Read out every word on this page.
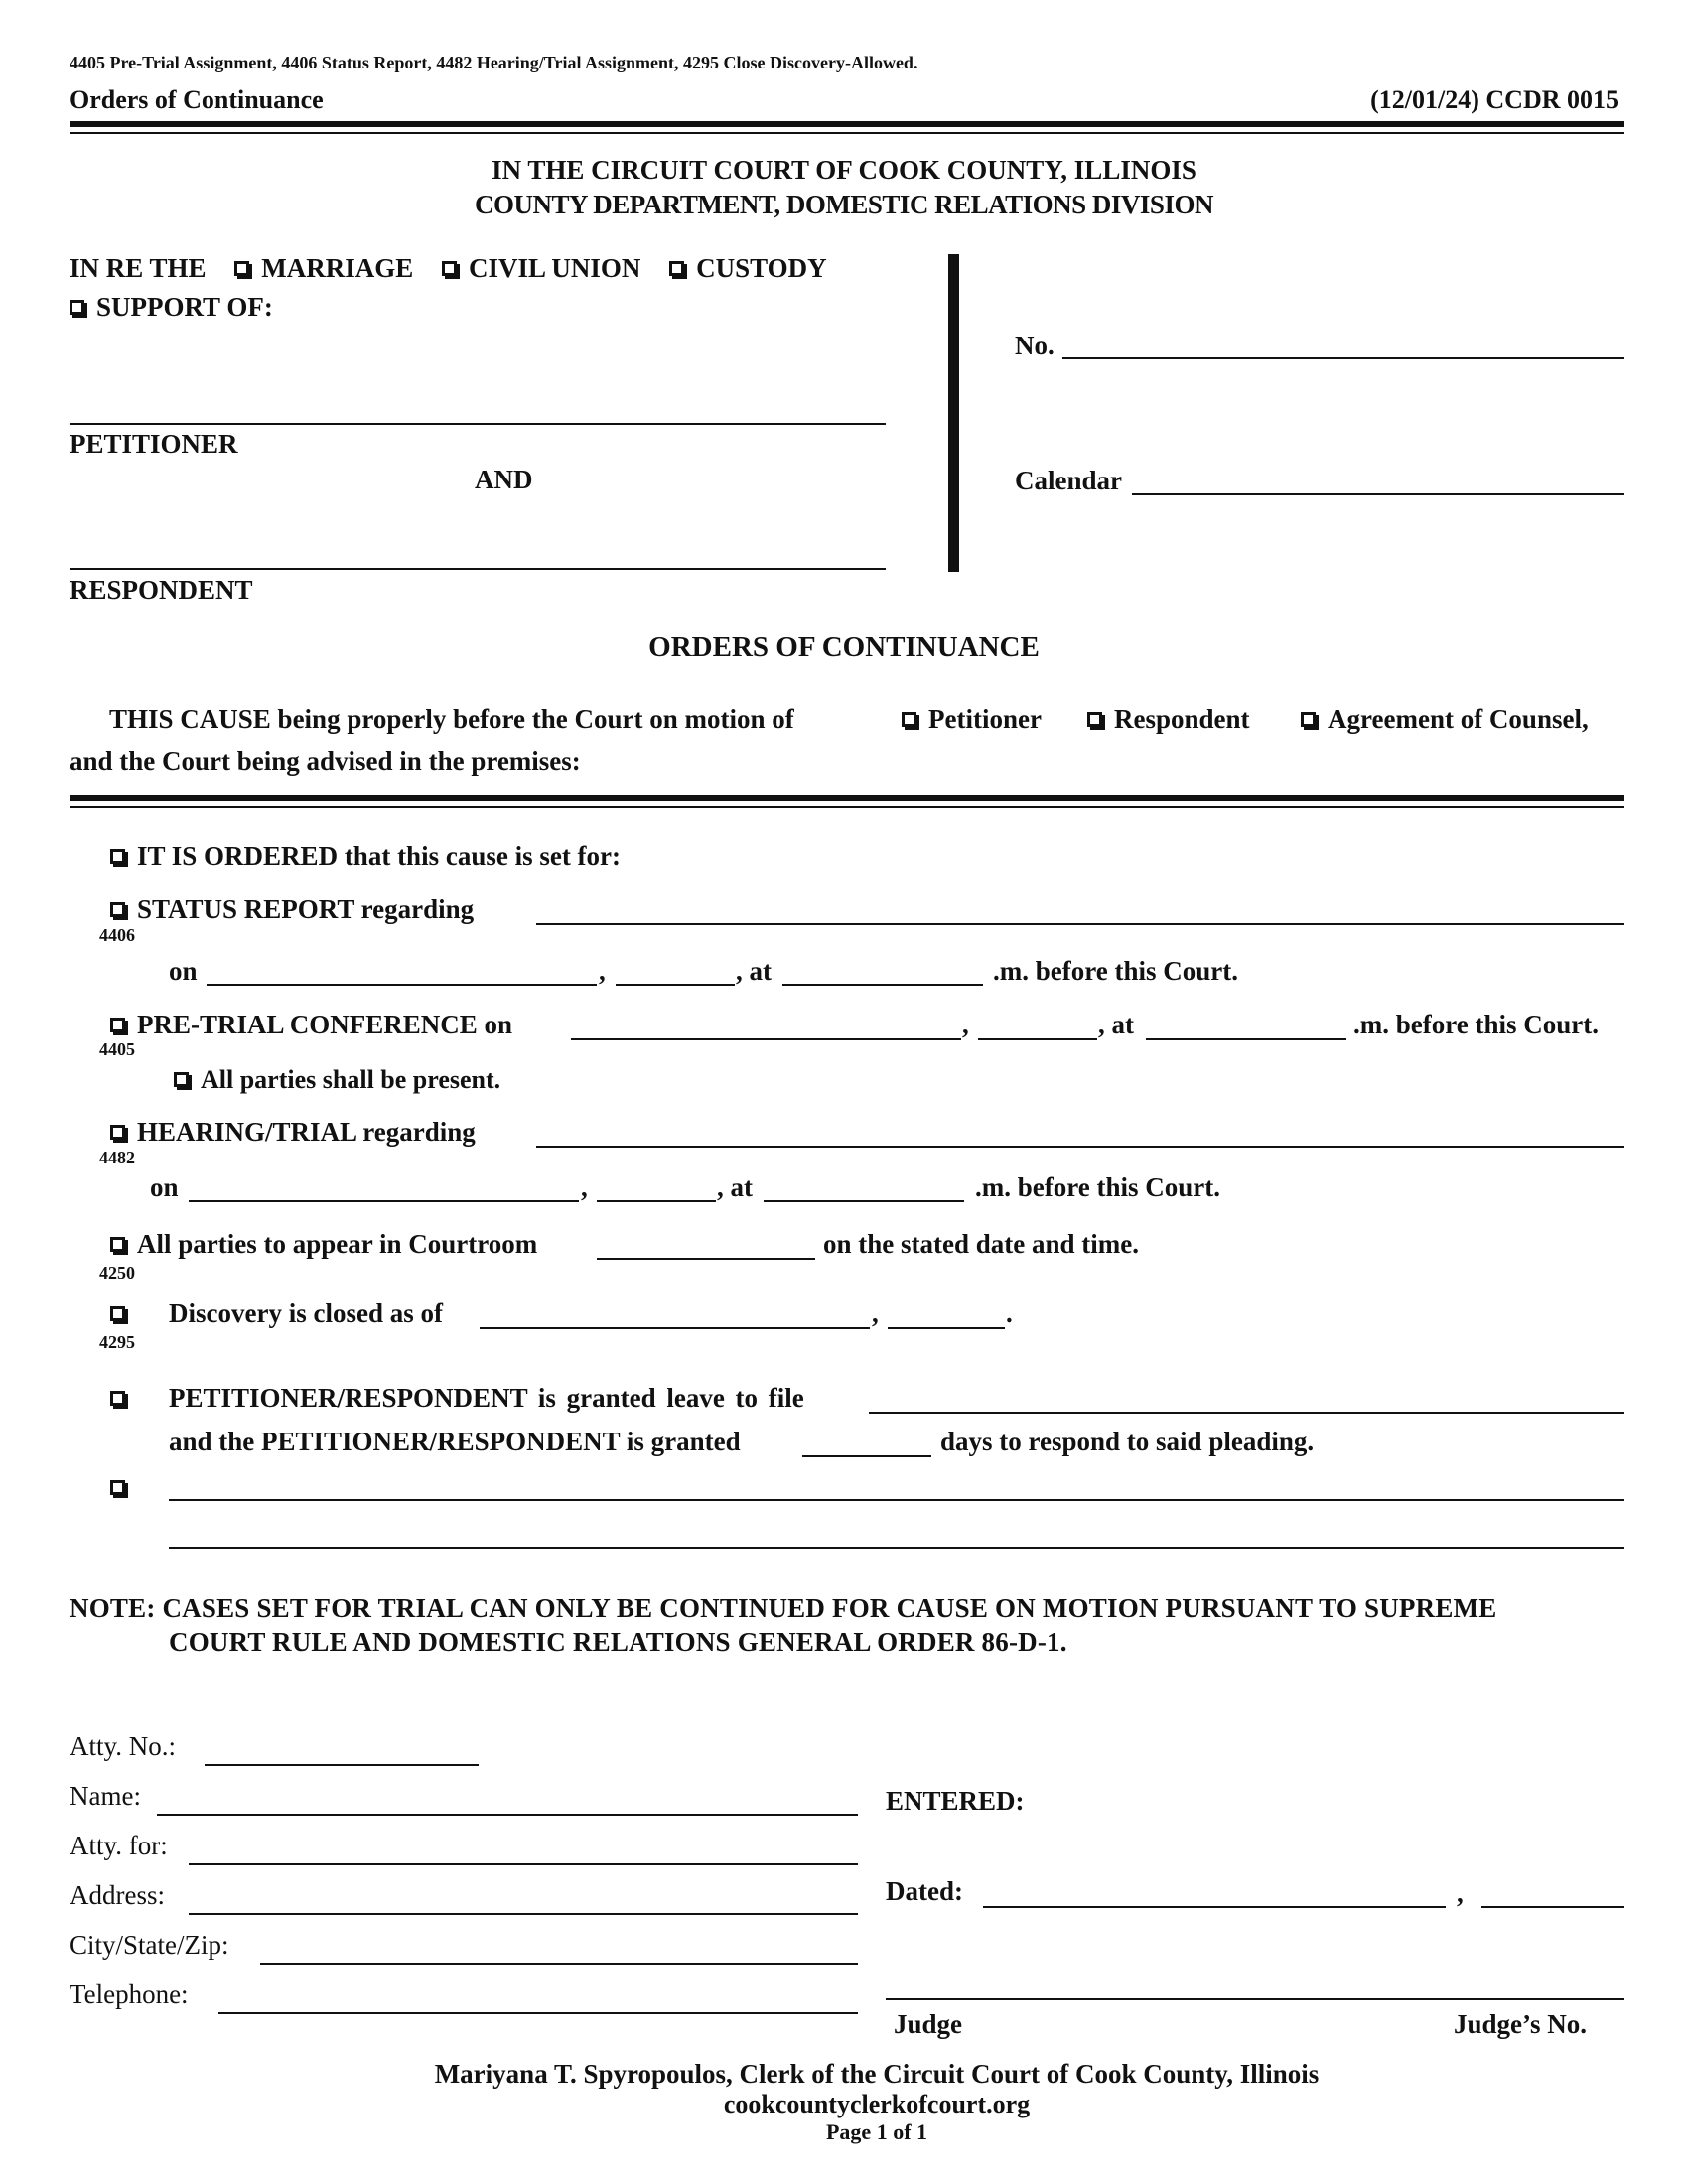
4405 Pre-Trial Assignment, 4406 Status Report, 4482 Hearing/Trial Assignment, 4295 Close Discovery-Allowed.
Orders of Continuance	(12/01/24) CCDR 0015
IN THE CIRCUIT COURT OF COOK COUNTY, ILLINOIS
COUNTY DEPARTMENT, DOMESTIC RELATIONS DIVISION
IN RE THE MARRIAGE CIVIL UNION CUSTODY
SUPPORT OF:
PETITIONER
AND
RESPONDENT
No.
Calendar
ORDERS OF CONTINUANCE
THIS CAUSE being properly before the Court on motion of	Petitioner	Respondent	Agreement of Counsel,
and the Court being advised in the premises:
IT IS ORDERED that this cause is set for:
STATUS REPORT regarding
4406
on	,	, at	.m. before this Court.
PRE-TRIAL CONFERENCE on	,	, at	.m. before this Court.
4405
All parties shall be present.
HEARING/TRIAL regarding
4482
on	,	, at	.m. before this Court.
All parties to appear in Courtroom	on the stated date and time.
4250
Discovery is closed as of	,	.
4295
PETITIONER/RESPONDENT is granted leave to file
and the PETITIONER/RESPONDENT is granted	days to respond to said pleading.
NOTE: CASES SET FOR TRIAL CAN ONLY BE CONTINUED FOR CAUSE ON MOTION PURSUANT TO SUPREME
COURT RULE AND DOMESTIC RELATIONS GENERAL ORDER 86-D-1.
Atty. No.:
Name:
Atty. for:
Address:
City/State/Zip:
Telephone:
ENTERED:
Dated:	,
Judge	Judge’s No.
Mariyana T. Spyropoulos, Clerk of the Circuit Court of Cook County, Illinois
cookcountyclerkofcourt.org
Page 1 of 1
